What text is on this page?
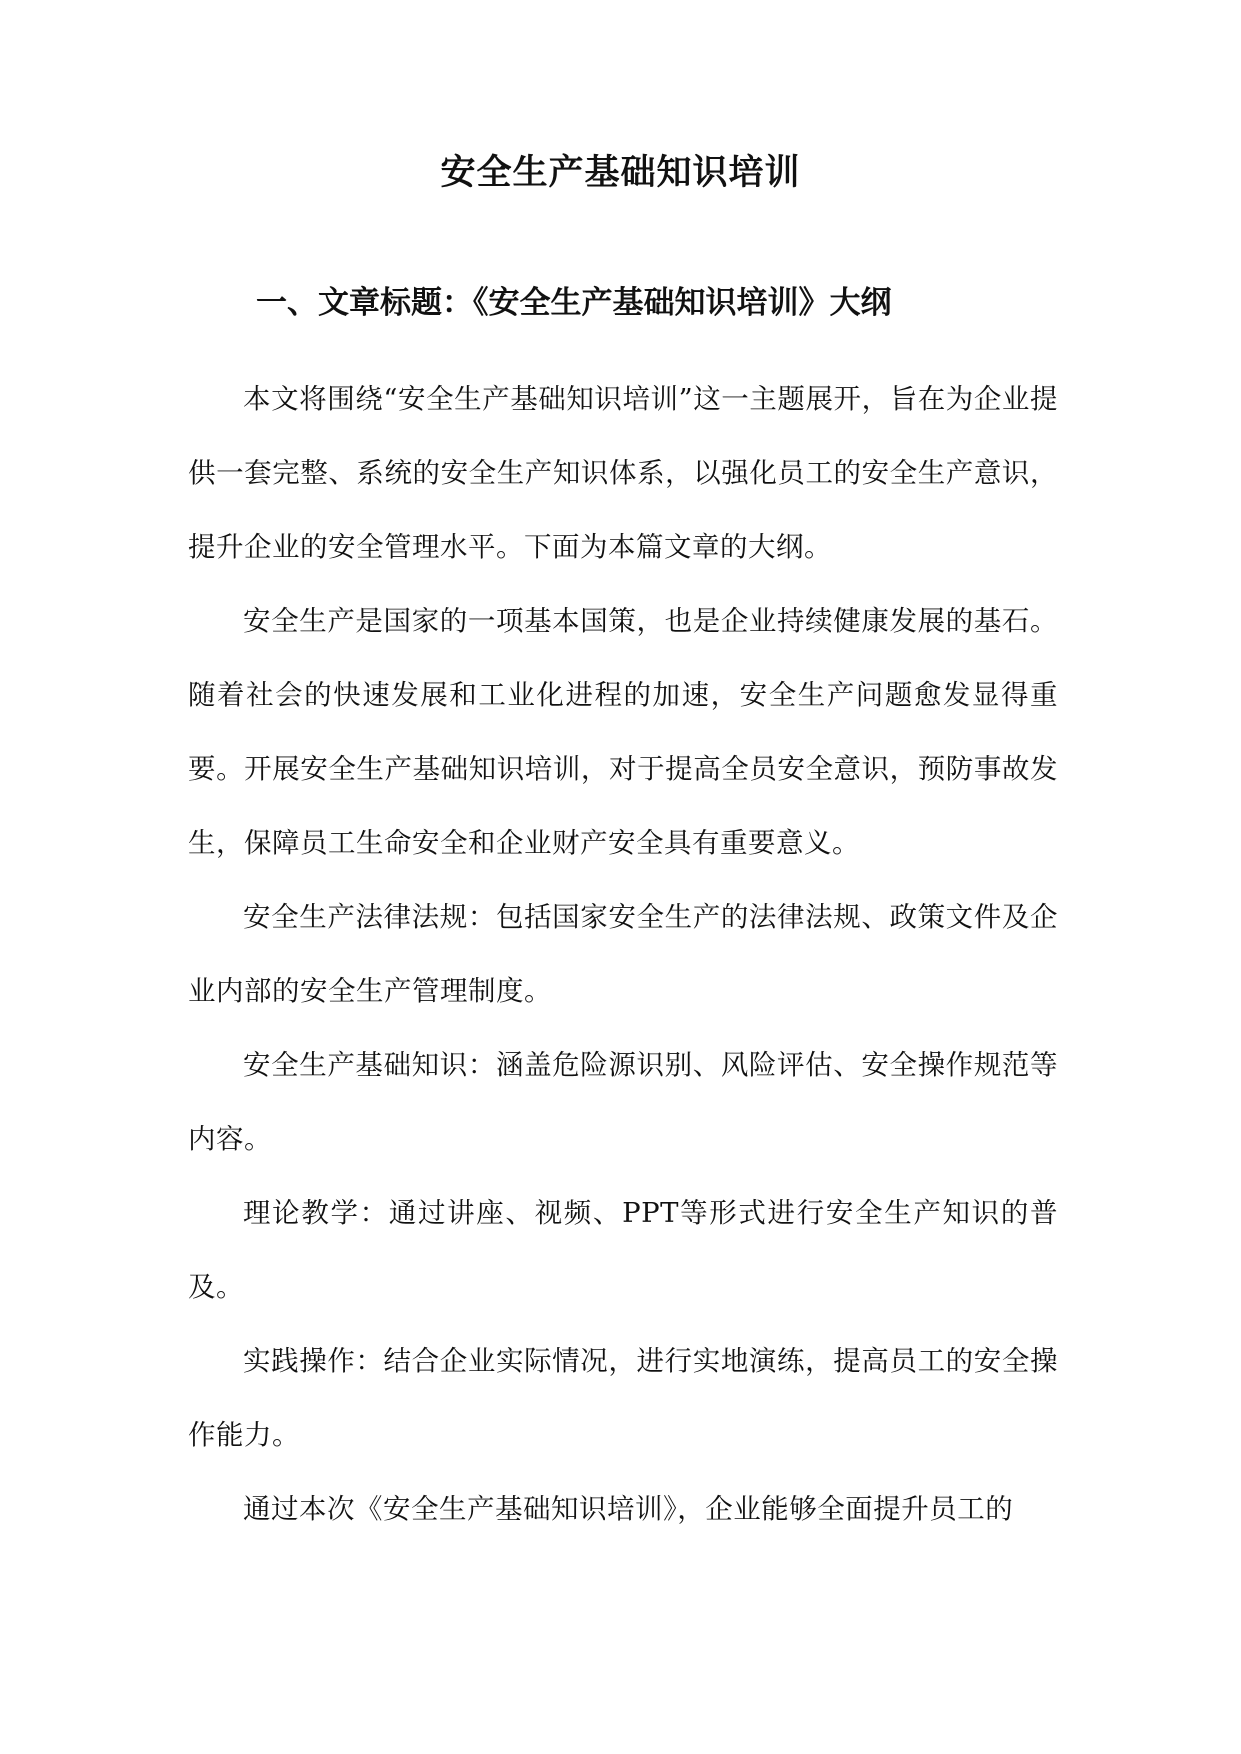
安全生产基础知识培训
一、文章标题：《安全生产基础知识培训》大纲

本文将围绕“安全生产基础知识培训”这一主题展开，旨在为企业提供一套完整、系统的安全生产知识体系，以强化员工的安全生产意识，提升企业的安全管理水平。下面为本篇文章的大纲。

安全生产是国家的一项基本国策，也是企业持续健康发展的基石。随着社会的快速发展和工业化进程的加速，安全生产问题愈发显得重要。开展安全生产基础知识培训，对于提高全员安全意识，预防事故发生，保障员工生命安全和企业财产安全具有重要意义。

安全生产法律法规：包括国家安全生产的法律法规、政策文件及企业内部的安全生产管理制度。

安全生产基础知识：涵盖危险源识别、风险评估、安全操作规范等内容。

理论教学：通过讲座、视频、PPT等形式进行安全生产知识的普及。

实践操作：结合企业实际情况，进行实地演练，提高员工的安全操作能力。

通过本次《安全生产基础知识培训》，企业能够全面提升员工的
